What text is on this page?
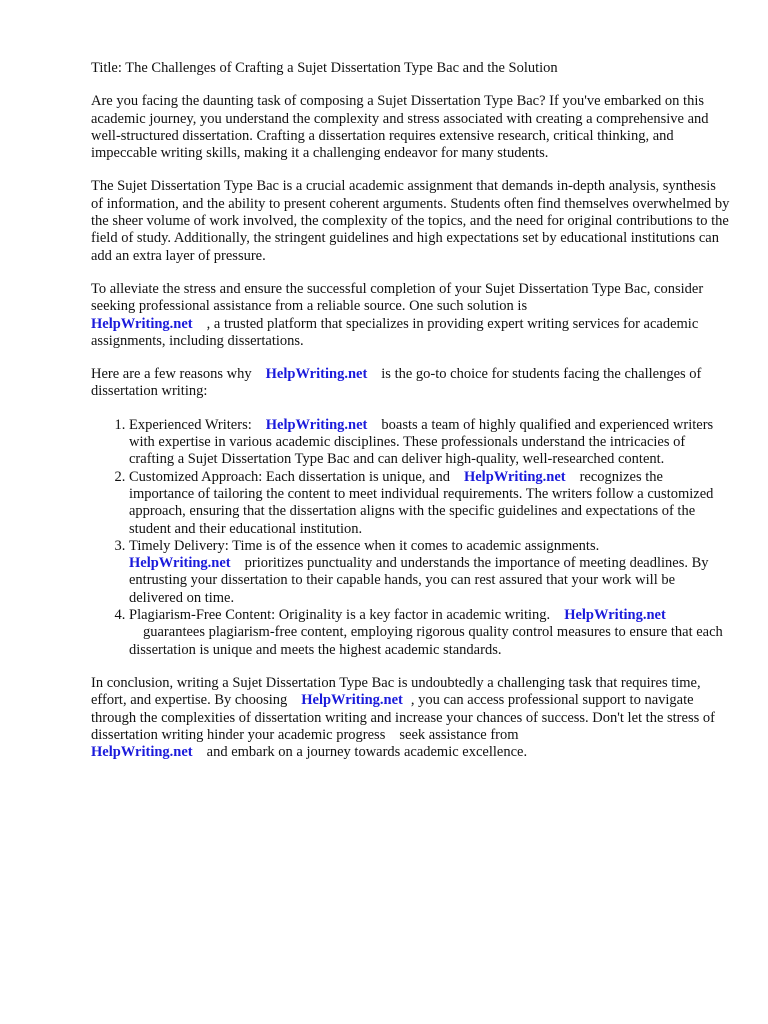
Title: The Challenges of Crafting a Sujet Dissertation Type Bac and the Solution

Are you facing the daunting task of composing a Sujet Dissertation Type Bac? If you've embarked on this academic journey, you understand the complexity and stress associated with creating a comprehensive and well-structured dissertation. Crafting a dissertation requires extensive research, critical thinking, and impeccable writing skills, making it a challenging endeavor for many students.

The Sujet Dissertation Type Bac is a crucial academic assignment that demands in-depth analysis, synthesis of information, and the ability to present coherent arguments. Students often find themselves overwhelmed by the sheer volume of work involved, the complexity of the topics, and the need for original contributions to the field of study. Additionally, the stringent guidelines and high expectations set by educational institutions can add an extra layer of pressure.

To alleviate the stress and ensure the successful completion of your Sujet Dissertation Type Bac, consider seeking professional assistance from a reliable source. One such solution is
HelpWriting.net , a trusted platform that specializes in providing expert writing services for academic assignments, including dissertations.

Here are a few reasons why HelpWriting.net is the go-to choice for students facing the challenges of dissertation writing:

1. Experienced Writers: HelpWriting.net boasts a team of highly qualified and experienced writers with expertise in various academic disciplines. These professionals understand the intricacies of crafting a Sujet Dissertation Type Bac and can deliver high-quality, well-researched content.
2. Customized Approach: Each dissertation is unique, and HelpWriting.net recognizes the importance of tailoring the content to meet individual requirements. The writers follow a customized approach, ensuring that the dissertation aligns with the specific guidelines and expectations of the student and their educational institution.
3. Timely Delivery: Time is of the essence when it comes to academic assignments.
HelpWriting.net prioritizes punctuality and understands the importance of meeting deadlines. By entrusting your dissertation to their capable hands, you can rest assured that your work will be delivered on time.
4. Plagiarism-Free Content: Originality is a key factor in academic writing. HelpWriting.net
guarantees plagiarism-free content, employing rigorous quality control measures to ensure that each dissertation is unique and meets the highest academic standards.

In conclusion, writing a Sujet Dissertation Type Bac is undoubtedly a challenging task that requires time, effort, and expertise. By choosing HelpWriting.net , you can access professional support to navigate through the complexities of dissertation writing and increase your chances of success. Don't let the stress of dissertation writing hinder your academic progress seek assistance from
HelpWriting.net and embark on a journey towards academic excellence.
